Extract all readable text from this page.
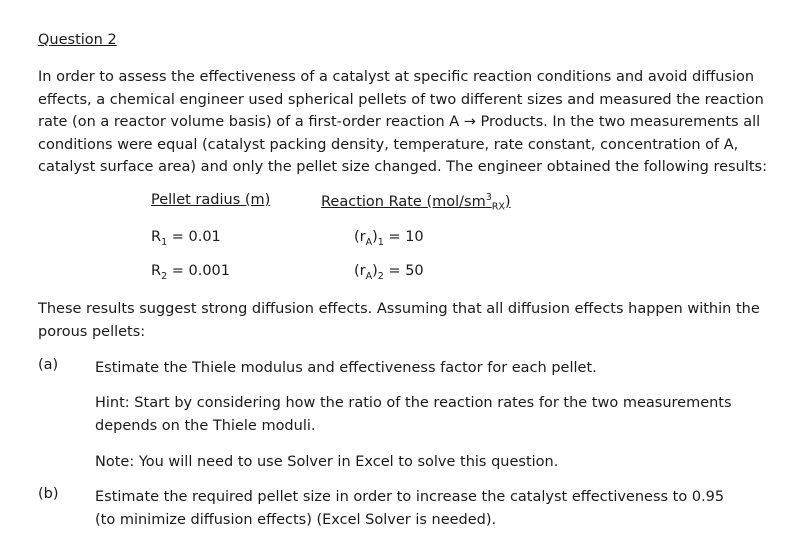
Question 2
In order to assess the effectiveness of a catalyst at specific reaction conditions and avoid diffusion effects, a chemical engineer used spherical pellets of two different sizes and measured the reaction rate (on a reactor volume basis) of a first-order reaction A → Products. In the two measurements all conditions were equal (catalyst packing density, temperature, rate constant, concentration of A, catalyst surface area) and only the pellet size changed. The engineer obtained the following results:
Pellet radius (m)	Reaction Rate $(mol/sm^3_{RX})$
$R_1 = 0.01$	$(r_A)_1 = 10$
$R_2 = 0.001$	$(r_A)_2 = 50$
These results suggest strong diffusion effects. Assuming that all diffusion effects happen within the porous pellets:
(a)	Estimate the Thiele modulus and effectiveness factor for each pellet.
Hint: Start by considering how the ratio of the reaction rates for the two measurements depends on the Thiele moduli.
Note: You will need to use Solver in Excel to solve this question.
(b)	Estimate the required pellet size in order to increase the catalyst effectiveness to 0.95 (to minimize diffusion effects) (Excel Solver is needed).
